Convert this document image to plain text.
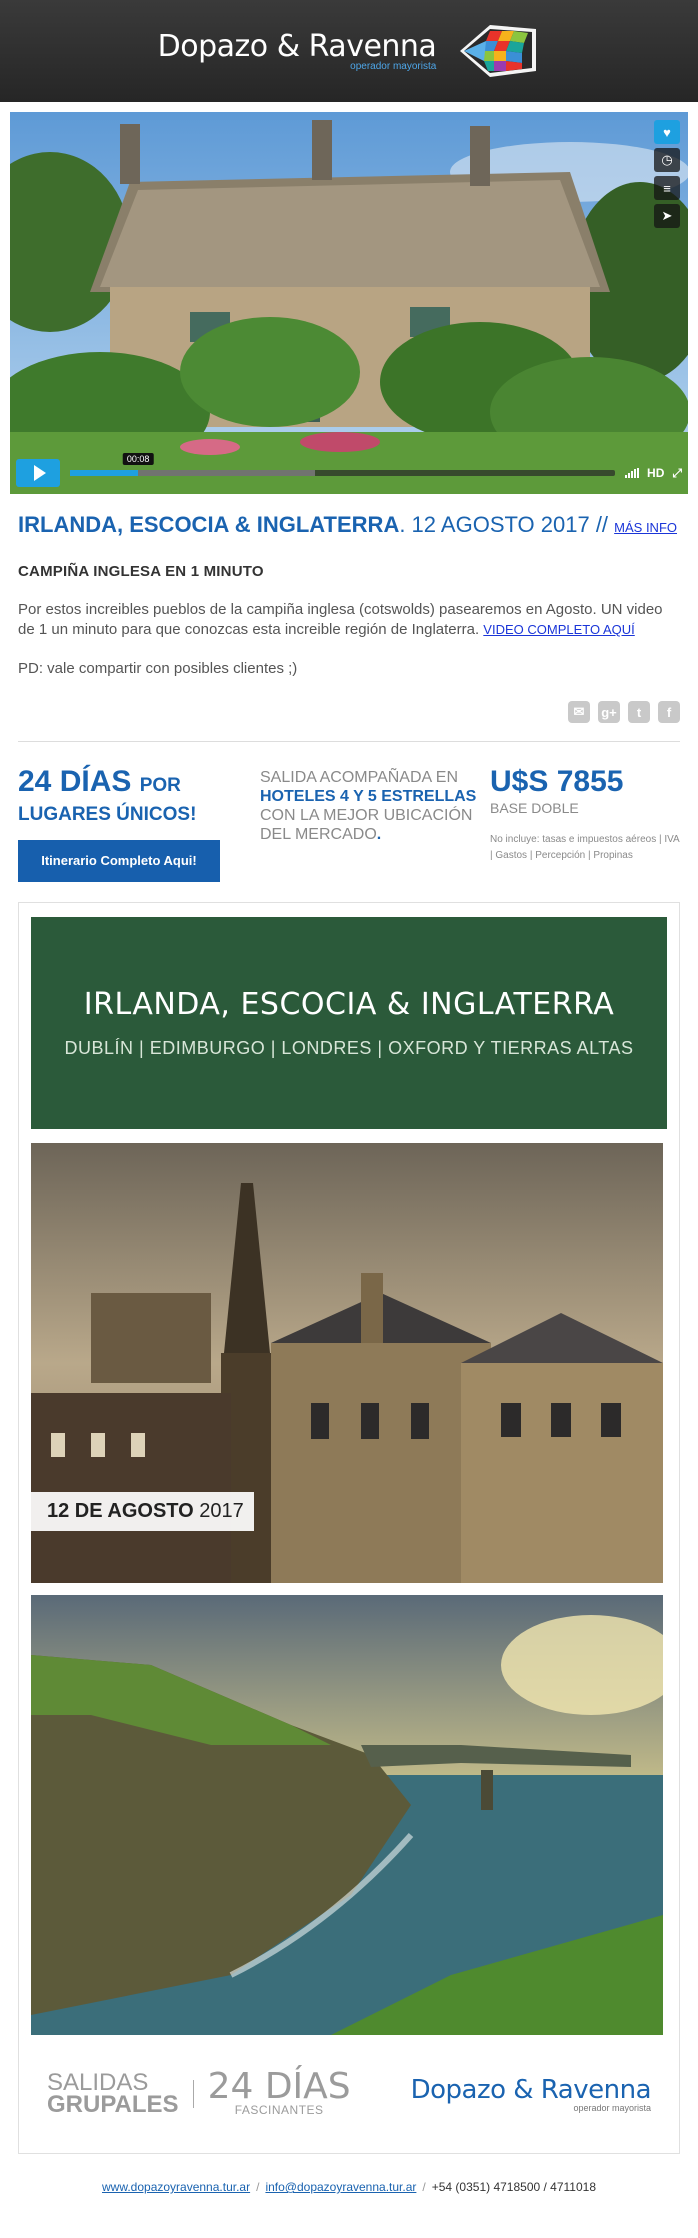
Dopazo & Ravenna
operador mayorista
♥
◷
≡
➤
00:08
HD ⤢
IRLANDA, ESCOCIA & INGLATERRA. 12 AGOSTO 2017 // MÁS INFO
CAMPIÑA INGLESA EN 1 MINUTO
Por estos increibles pueblos de la campiña inglesa (cotswolds) pasearemos en Agosto. UN video de 1 un minuto para que conozcas esta increible región de Inglaterra. VIDEO COMPLETO AQUÍ
PD: vale compartir con posibles clientes ;)
✉	g+	t	f
24 DÍAS POR
LUGARES ÚNICOS!
Itinerario Completo Aqui!
SALIDA ACOMPAÑADA EN HOTELES 4 Y 5 ESTRELLAS CON LA MEJOR UBICACIÓN DEL MERCADO.
U$S 7855
BASE DOBLE
No incluye: tasas e impuestos aéreos | IVA | Gastos | Percepción | Propinas
IRLANDA, ESCOCIA & INGLATERRA
DUBLÍN | EDIMBURGO | LONDRES | OXFORD Y TIERRAS ALTAS
12 DE AGOSTO 2017
SALIDAS
GRUPALES 24 DÍAS
FASCINANTES
Dopazo & Ravenna
operador mayorista
www.dopazoyravenna.tur.ar / info@dopazoyravenna.tur.ar / +54 (0351) 4718500 / 4711018
